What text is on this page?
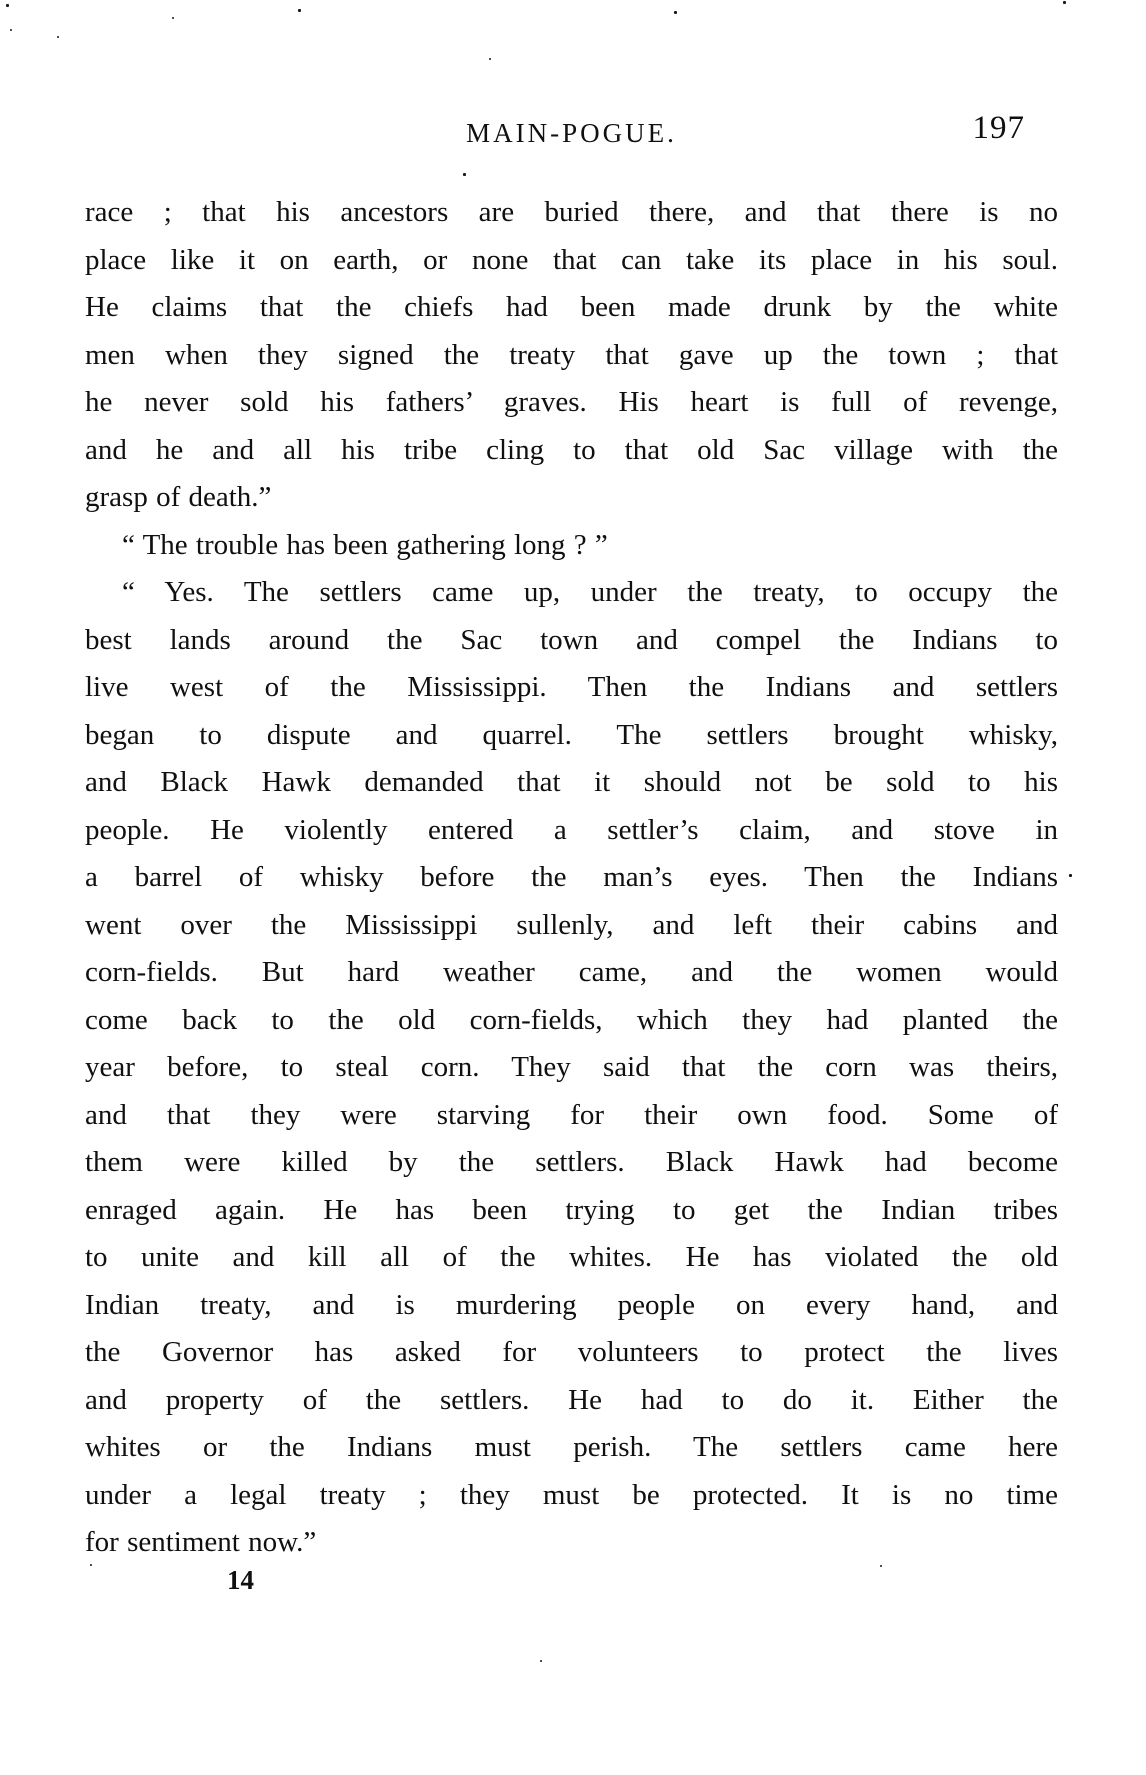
MAIN-POGUE.	197
race ; that his ancestors are buried there, and that there is no
place like it on earth, or none that can take its place in his soul.
He claims that the chiefs had been made drunk by the white
men when they signed the treaty that gave up the town ; that
he never sold his fathers’ graves. His heart is full of revenge,
and he and all his tribe cling to that old Sac village with the
grasp of death.”
“ The trouble has been gathering long ? ”
“ Yes. The settlers came up, under the treaty, to occupy the
best lands around the Sac town and compel the Indians to
live west of the Mississippi. Then the Indians and settlers
began to dispute and quarrel. The settlers brought whisky,
and Black Hawk demanded that it should not be sold to his
people. He violently entered a settler’s claim, and stove in
a barrel of whisky before the man’s eyes. Then the Indians
went over the Mississippi sullenly, and left their cabins and
corn-fields. But hard weather came, and the women would
come back to the old corn-fields, which they had planted the
year before, to steal corn. They said that the corn was theirs,
and that they were starving for their own food. Some of
them were killed by the settlers. Black Hawk had become
enraged again. He has been trying to get the Indian tribes
to unite and kill all of the whites. He has violated the old
Indian treaty, and is murdering people on every hand, and
the Governor has asked for volunteers to protect the lives
and property of the settlers. He had to do it. Either the
whites or the Indians must perish. The settlers came here
under a legal treaty ; they must be protected. It is no time
for sentiment now.”
14
